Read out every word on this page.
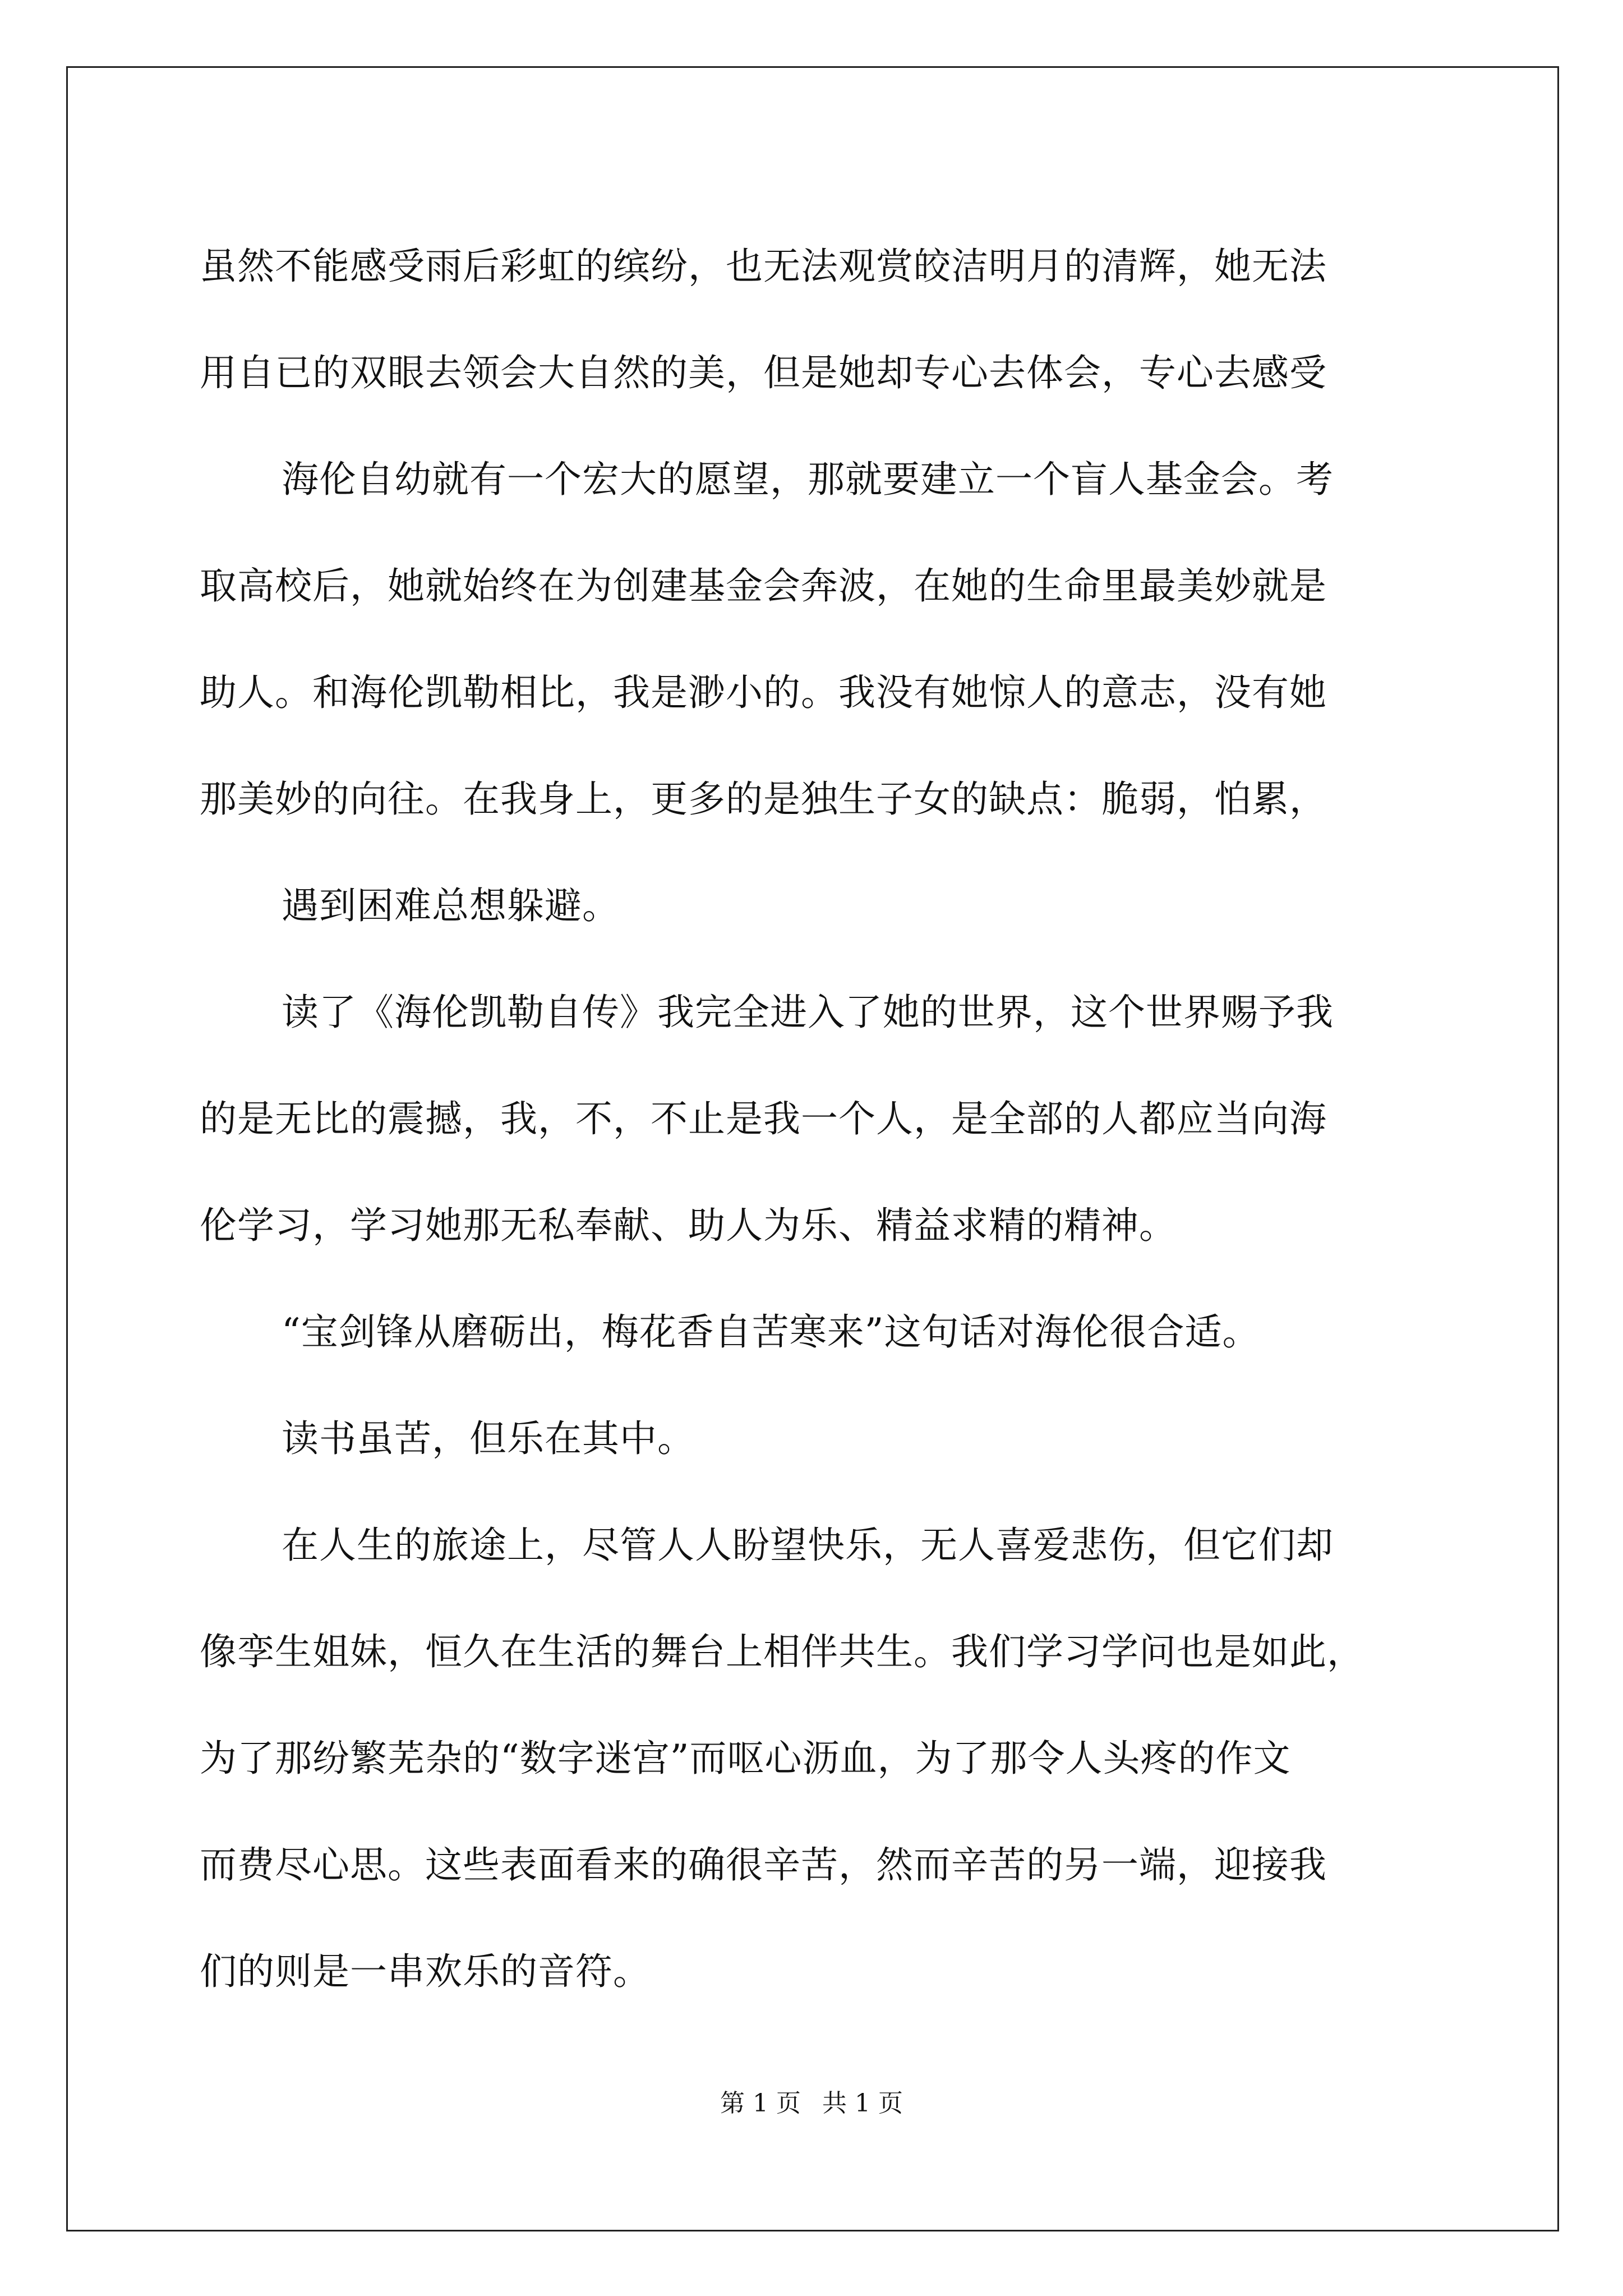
虽然不能感受雨后彩虹的缤纷，也无法观赏皎洁明月的清辉，她无法
用自已的双眼去领会大自然的美，但是她却专心去体会，专心去感受
海伦自幼就有一个宏大的愿望，那就要建立一个盲人基金会。考
取高校后，她就始终在为创建基金会奔波，在她的生命里最美妙就是
助人。和海伦凯勒相比，我是渺小的。我没有她惊人的意志，没有她
那美妙的向往。在我身上，更多的是独生子女的缺点：脆弱，怕累，
遇到困难总想躲避。
读了《海伦凯勒自传》我完全进入了她的世界，这个世界赐予我
的是无比的震撼，我，不，不止是我一个人，是全部的人都应当向海
伦学习，学习她那无私奉献、助人为乐、精益求精的精神。
“宝剑锋从磨砺出，梅花香自苦寒来”这句话对海伦很合适。
读书虽苦，但乐在其中。
在人生的旅途上，尽管人人盼望快乐，无人喜爱悲伤，但它们却
像孪生姐妹，恒久在生活的舞台上相伴共生。我们学习学问也是如此，
为了那纷繁芜杂的“数字迷宫”而呕心沥血，为了那令人头疼的作文
而费尽心思。这些表面看来的确很辛苦，然而辛苦的另一端，迎接我
们的则是一串欢乐的音符。
第 1 页 共 1 页
